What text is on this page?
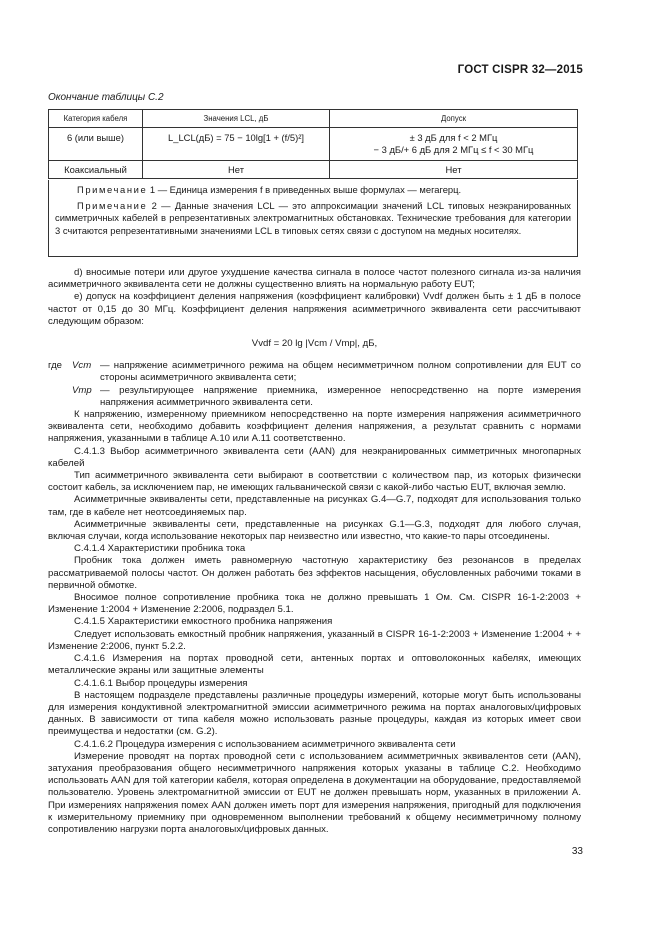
ГОСТ CISPR 32—2015
Окончание таблицы С.2
Категория кабеля	Значения LCL, дБ	Допуск
6 (или выше)	L_LCL(дБ) = 75 − 10lg[1 + (f/5)²]	± 3 дБ для f < 2 МГц
− 3 дБ/+ 6 дБ для 2 МГц ≤ f < 30 МГц

Коаксиальный	Нет	Нет

Примечание 1 — Единица измерения f в приведенных выше формулах — мегагерц.

Примечание 2 — Данные значения LCL — это аппроксимации значений LCL типовых неэкранированных симметричных кабелей в репрезентативных электромагнитных обстановках. Технические требования для категории 3 считаются репрезентативными значениями LCL в типовых сетях связи с доступом на медных носителях.

d) вносимые потери или другое ухудшение качества сигнала в полосе частот полезного сигнала из-за наличия асимметричного эквивалента сети не должны существенно влиять на нормальную работу EUT;

е) допуск на коэффициент деления напряжения (коэффициент калибровки) Vvdf должен быть ± 1 дБ в полосе частот от 0,15 до 30 МГц. Коэффициент деления напряжения асимметричного эквивалента сети рассчитывают следующим образом:

Vvdf = 20 lg |Vcm / Vmp|, дБ,

где	Vcm — напряжение асимметричного режима на общем несимметричном полном сопротивлении для EUT со стороны асимметричного эквивалента сети;
Vmp — результирующее напряжение приемника, измеренное непосредственно на порте измерения напряжения асимметричного эквивалента сети.

К напряжению, измеренному приемником непосредственно на порте измерения напряжения асимметричного эквивалента сети, необходимо добавить коэффициент деления напряжения, а результат сравнить с нормами напряжения, указанными в таблице А.10 или А.11 соответственно.

С.4.1.3 Выбор асимметричного эквивалента сети (AAN) для неэкранированных симметричных многопарных кабелей

Тип асимметричного эквивалента сети выбирают в соответствии с количеством пар, из которых физически состоит кабель, за исключением пар, не имеющих гальванической связи с какой-либо частью EUT, включая землю.

Асимметричные эквиваленты сети, представленные на рисунках G.4—G.7, подходят для использования только там, где в кабеле нет неотсоединяемых пар.

Асимметричные эквиваленты сети, представленные на рисунках G.1—G.3, подходят для любого случая, включая случаи, когда использование некоторых пар неизвестно или известно, что какие-то пары отсоединены.

С.4.1.4 Характеристики пробника тока

Пробник тока должен иметь равномерную частотную характеристику без резонансов в пределах рассматриваемой полосы частот. Он должен работать без эффектов насыщения, обусловленных рабочими токами в первичной обмотке.

Вносимое полное сопротивление пробника тока не должно превышать 1 Ом. См. CISPR 16-1-2:2003 + Изменение 1:2004 + Изменение 2:2006, подраздел 5.1.

С.4.1.5 Характеристики емкостного пробника напряжения

Следует использовать емкостный пробник напряжения, указанный в CISPR 16-1-2:2003 + Изменение 1:2004 + + Изменение 2:2006, пункт 5.2.2.

С.4.1.6 Измерения на портах проводной сети, антенных портах и оптоволоконных кабелях, имеющих металлические экраны или защитные элементы

С.4.1.6.1 Выбор процедуры измерения

В настоящем подразделе представлены различные процедуры измерений, которые могут быть использованы для измерения кондуктивной электромагнитной эмиссии асимметричного режима на портах аналоговых/цифровых данных. В зависимости от типа кабеля можно использовать разные процедуры, каждая из которых имеет свои преимущества и недостатки (см. G.2).

С.4.1.6.2 Процедура измерения с использованием асимметричного эквивалента сети

Измерение проводят на портах проводной сети с использованием асимметричных эквивалентов сети (AAN), затухания преобразования общего несимметричного напряжения которых указаны в таблице С.2. Необходимо использовать AAN для той категории кабеля, которая определена в документации на оборудование, предоставляемой пользователю. Уровень электромагнитной эмиссии от EUT не должен превышать норм, указанных в приложении А. При измерениях напряжения помех AAN должен иметь порт для измерения напряжения, пригодный для подключения к измерительному приемнику при одновременном выполнении требований к общему несимметричному полному сопротивлению нагрузки порта аналоговых/цифровых данных.

33
